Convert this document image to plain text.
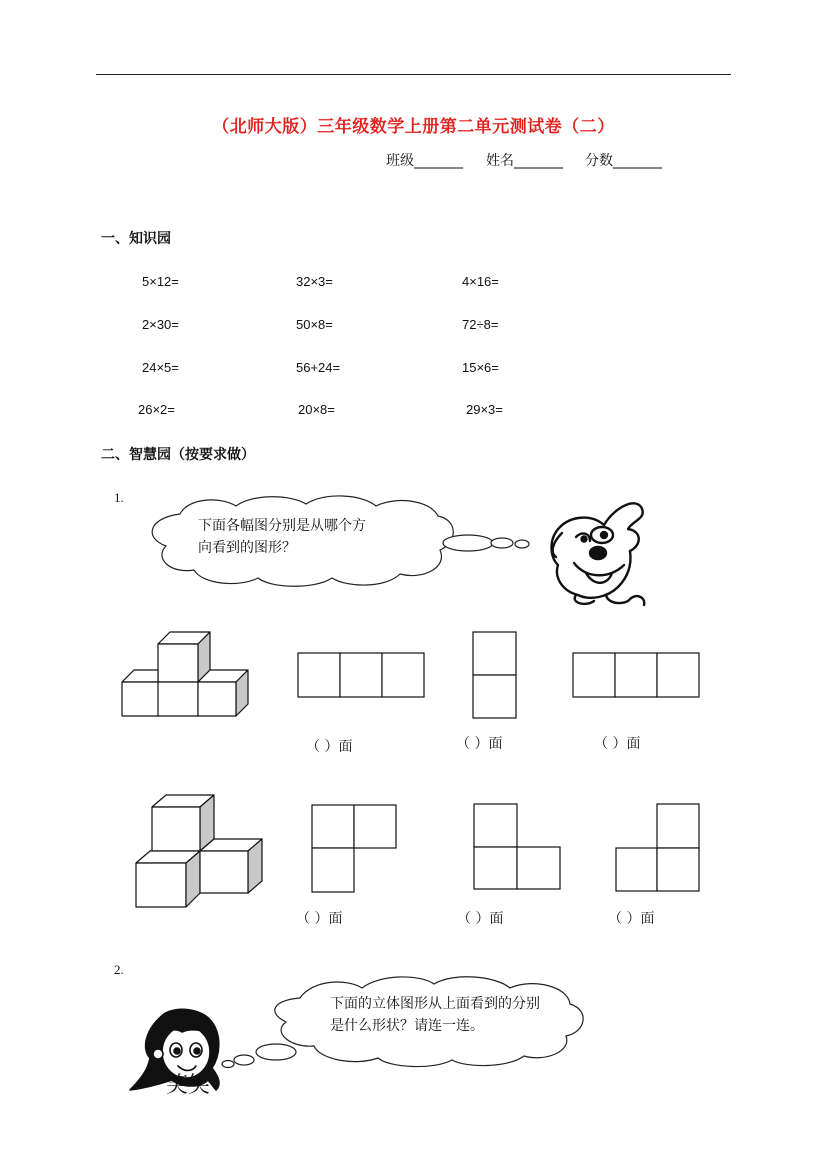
（北师大版）三年级数学上册第二单元测试卷（二）
班级_______ 姓名_______ 分数_______
一、知识园
5×12=	32×3=	4×16=
2×30=	50×8=	72÷8=
24×5=	56+24=	15×6=
26×2=	20×8=	29×3=
二、智慧园（按要求做）
1.
下面各幅图分别是从哪个方
向看到的图形？
（ ）面	（ ）面	（ ）面
（ ）面	（ ）面	（ ）面
2.
下面的立体图形从上面看到的分别
是什么形状？请连一连。
笑笑
